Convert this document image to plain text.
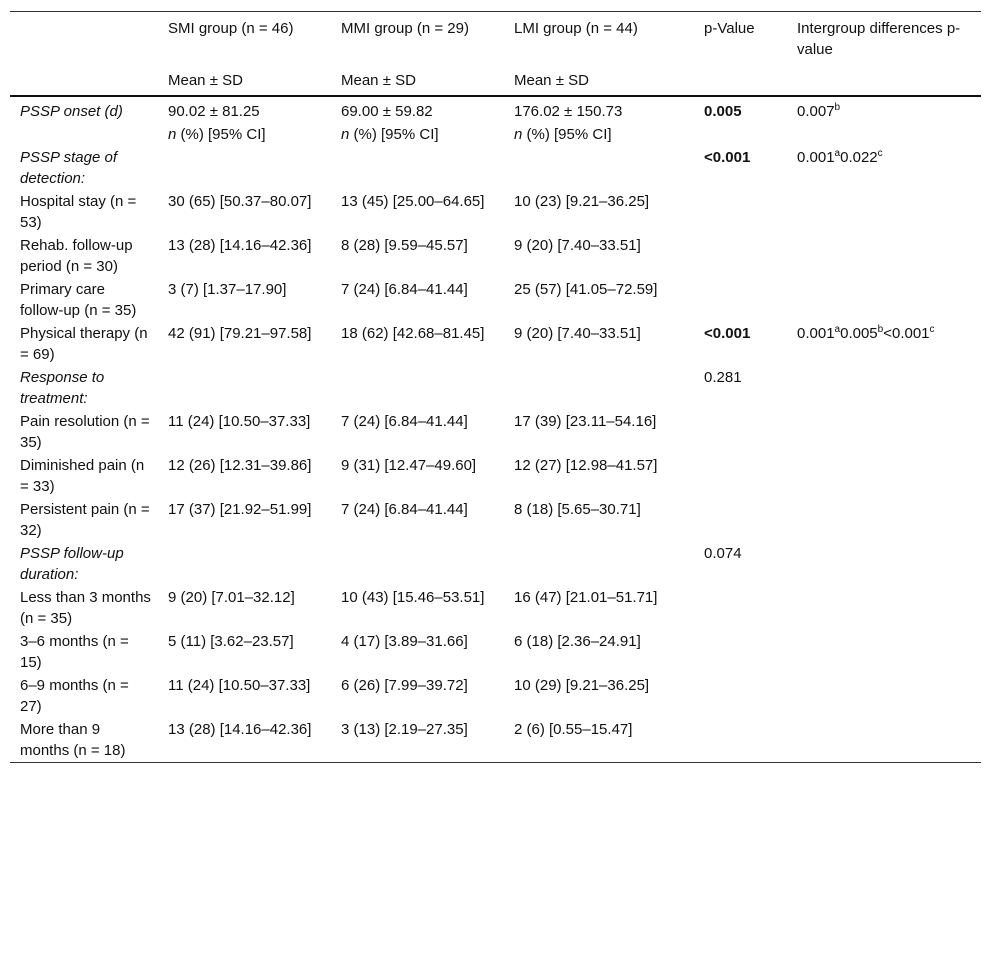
	SMI group (n = 46)	MMI group (n = 29)	LMI group (n = 44)	p-Value	Intergroup differences p-value
	Mean ± SD	Mean ± SD	Mean ± SD		
PSSP onset (d)	90.02 ± 81.25	69.00 ± 59.82	176.02 ± 150.73	0.005	0.007$^b$
	n (%) [95% CI]	n (%) [95% CI]	n (%) [95% CI]		
PSSP stage of detection:				<0.001	0.001$^a$0.022$^c$
Hospital stay (n = 53)	30 (65) [50.37–80.07]	13 (45) [25.00–64.65]	10 (23) [9.21–36.25]		
Rehab. follow-up period (n = 30)	13 (28) [14.16–42.36]	8 (28) [9.59–45.57]	9 (20) [7.40–33.51]		
Primary care follow-up (n = 35)	3 (7) [1.37–17.90]	7 (24) [6.84–41.44]	25 (57) [41.05–72.59]		
Physical therapy (n = 69)	42 (91) [79.21–97.58]	18 (62) [42.68–81.45]	9 (20) [7.40–33.51]	<0.001	0.001$^a$0.005$^b$<0.001$^c$
Response to treatment:				0.281	
Pain resolution (n = 35)	11 (24) [10.50–37.33]	7 (24) [6.84–41.44]	17 (39) [23.11–54.16]		
Diminished pain (n = 33)	12 (26) [12.31–39.86]	9 (31) [12.47–49.60]	12 (27) [12.98–41.57]		
Persistent pain (n = 32)	17 (37) [21.92–51.99]	7 (24) [6.84–41.44]	8 (18) [5.65–30.71]		
PSSP follow-up duration:				0.074	
Less than 3 months (n = 35)	9 (20) [7.01–32.12]	10 (43) [15.46–53.51]	16 (47) [21.01–51.71]		
3–6 months (n = 15)	5 (11) [3.62–23.57]	4 (17) [3.89–31.66]	6 (18) [2.36–24.91]		
6–9 months (n = 27)	11 (24) [10.50–37.33]	6 (26) [7.99–39.72]	10 (29) [9.21–36.25]		
More than 9 months (n = 18)	13 (28) [14.16–42.36]	3 (13) [2.19–27.35]	2 (6) [0.55–15.47]		
